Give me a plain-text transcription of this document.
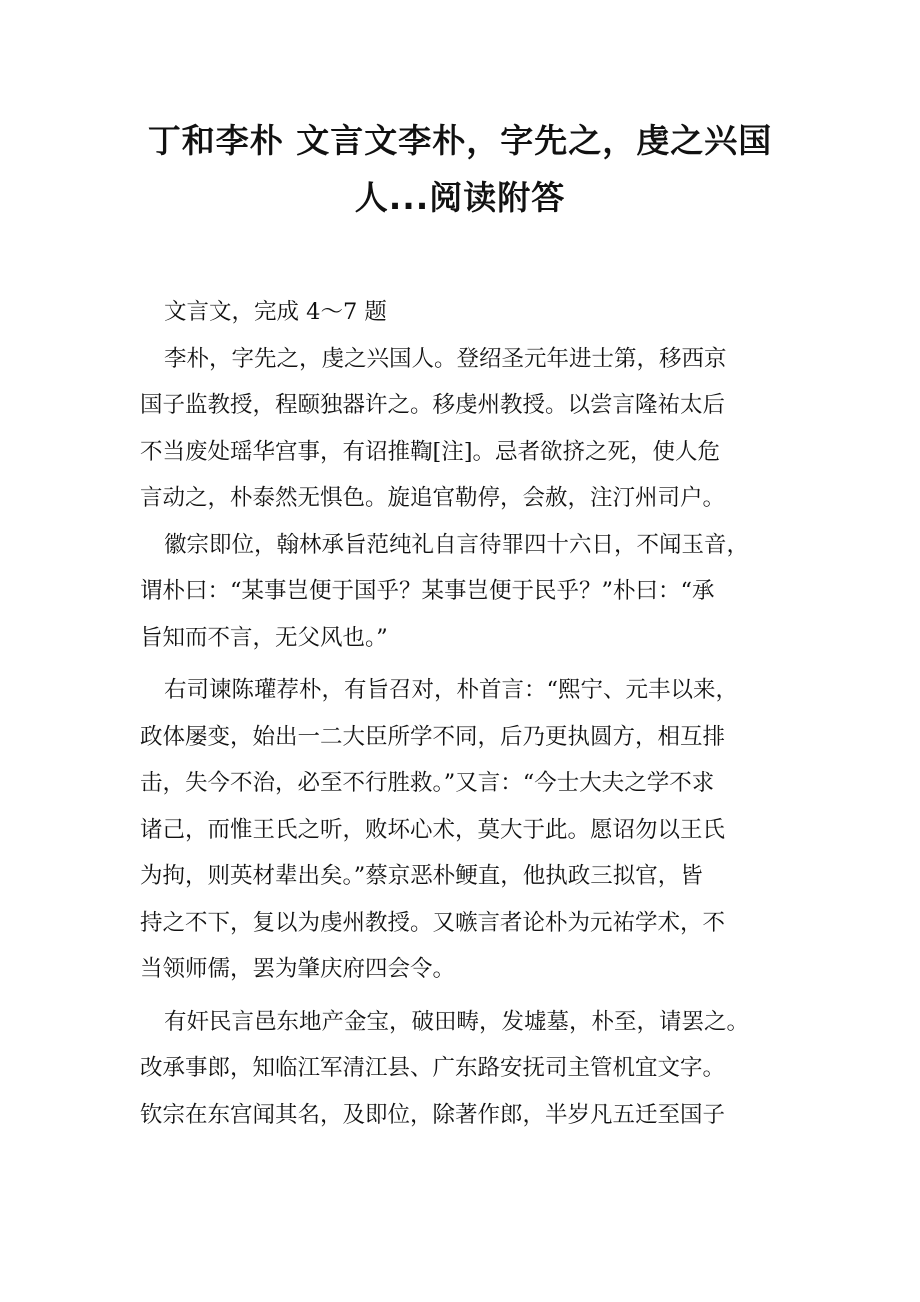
丁和李朴 文言文李朴，字先之，虔之兴国
人...阅读附答
文言文，完成 4～7 题
李朴，字先之，虔之兴国人。登绍圣元年进士第，移西京
国子监教授，程颐独器许之。移虔州教授。以尝言隆祐太后
不当废处瑶华宫事，有诏推鞫[注]。忌者欲挤之死，使人危
言动之，朴泰然无惧色。旋追官勒停，会赦，注汀州司户。
徽宗即位，翰林承旨范纯礼自言待罪四十六日，不闻玉音，
谓朴曰：“某事岂便于国乎？某事岂便于民乎？”朴曰：“承
旨知而不言，无父风也。”
右司谏陈瓘荐朴，有旨召对，朴首言：“熙宁、元丰以来，
政体屡变，始出一二大臣所学不同，后乃更执圆方，相互排
击，失今不治，必至不行胜救。”又言：“今士大夫之学不求
诸己，而惟王氏之听，败坏心术，莫大于此。愿诏勿以王氏
为拘，则英材辈出矣。”蔡京恶朴鲠直，他执政三拟官，皆
持之不下，复以为虔州教授。又嗾言者论朴为元祐学术，不
当领师儒，罢为肇庆府四会令。
有奸民言邑东地产金宝，破田畴，发墟墓，朴至，请罢之。
改承事郎，知临江军清江县、广东路安抚司主管机宜文字。
钦宗在东宫闻其名，及即位，除著作郎，半岁凡五迁至国子
